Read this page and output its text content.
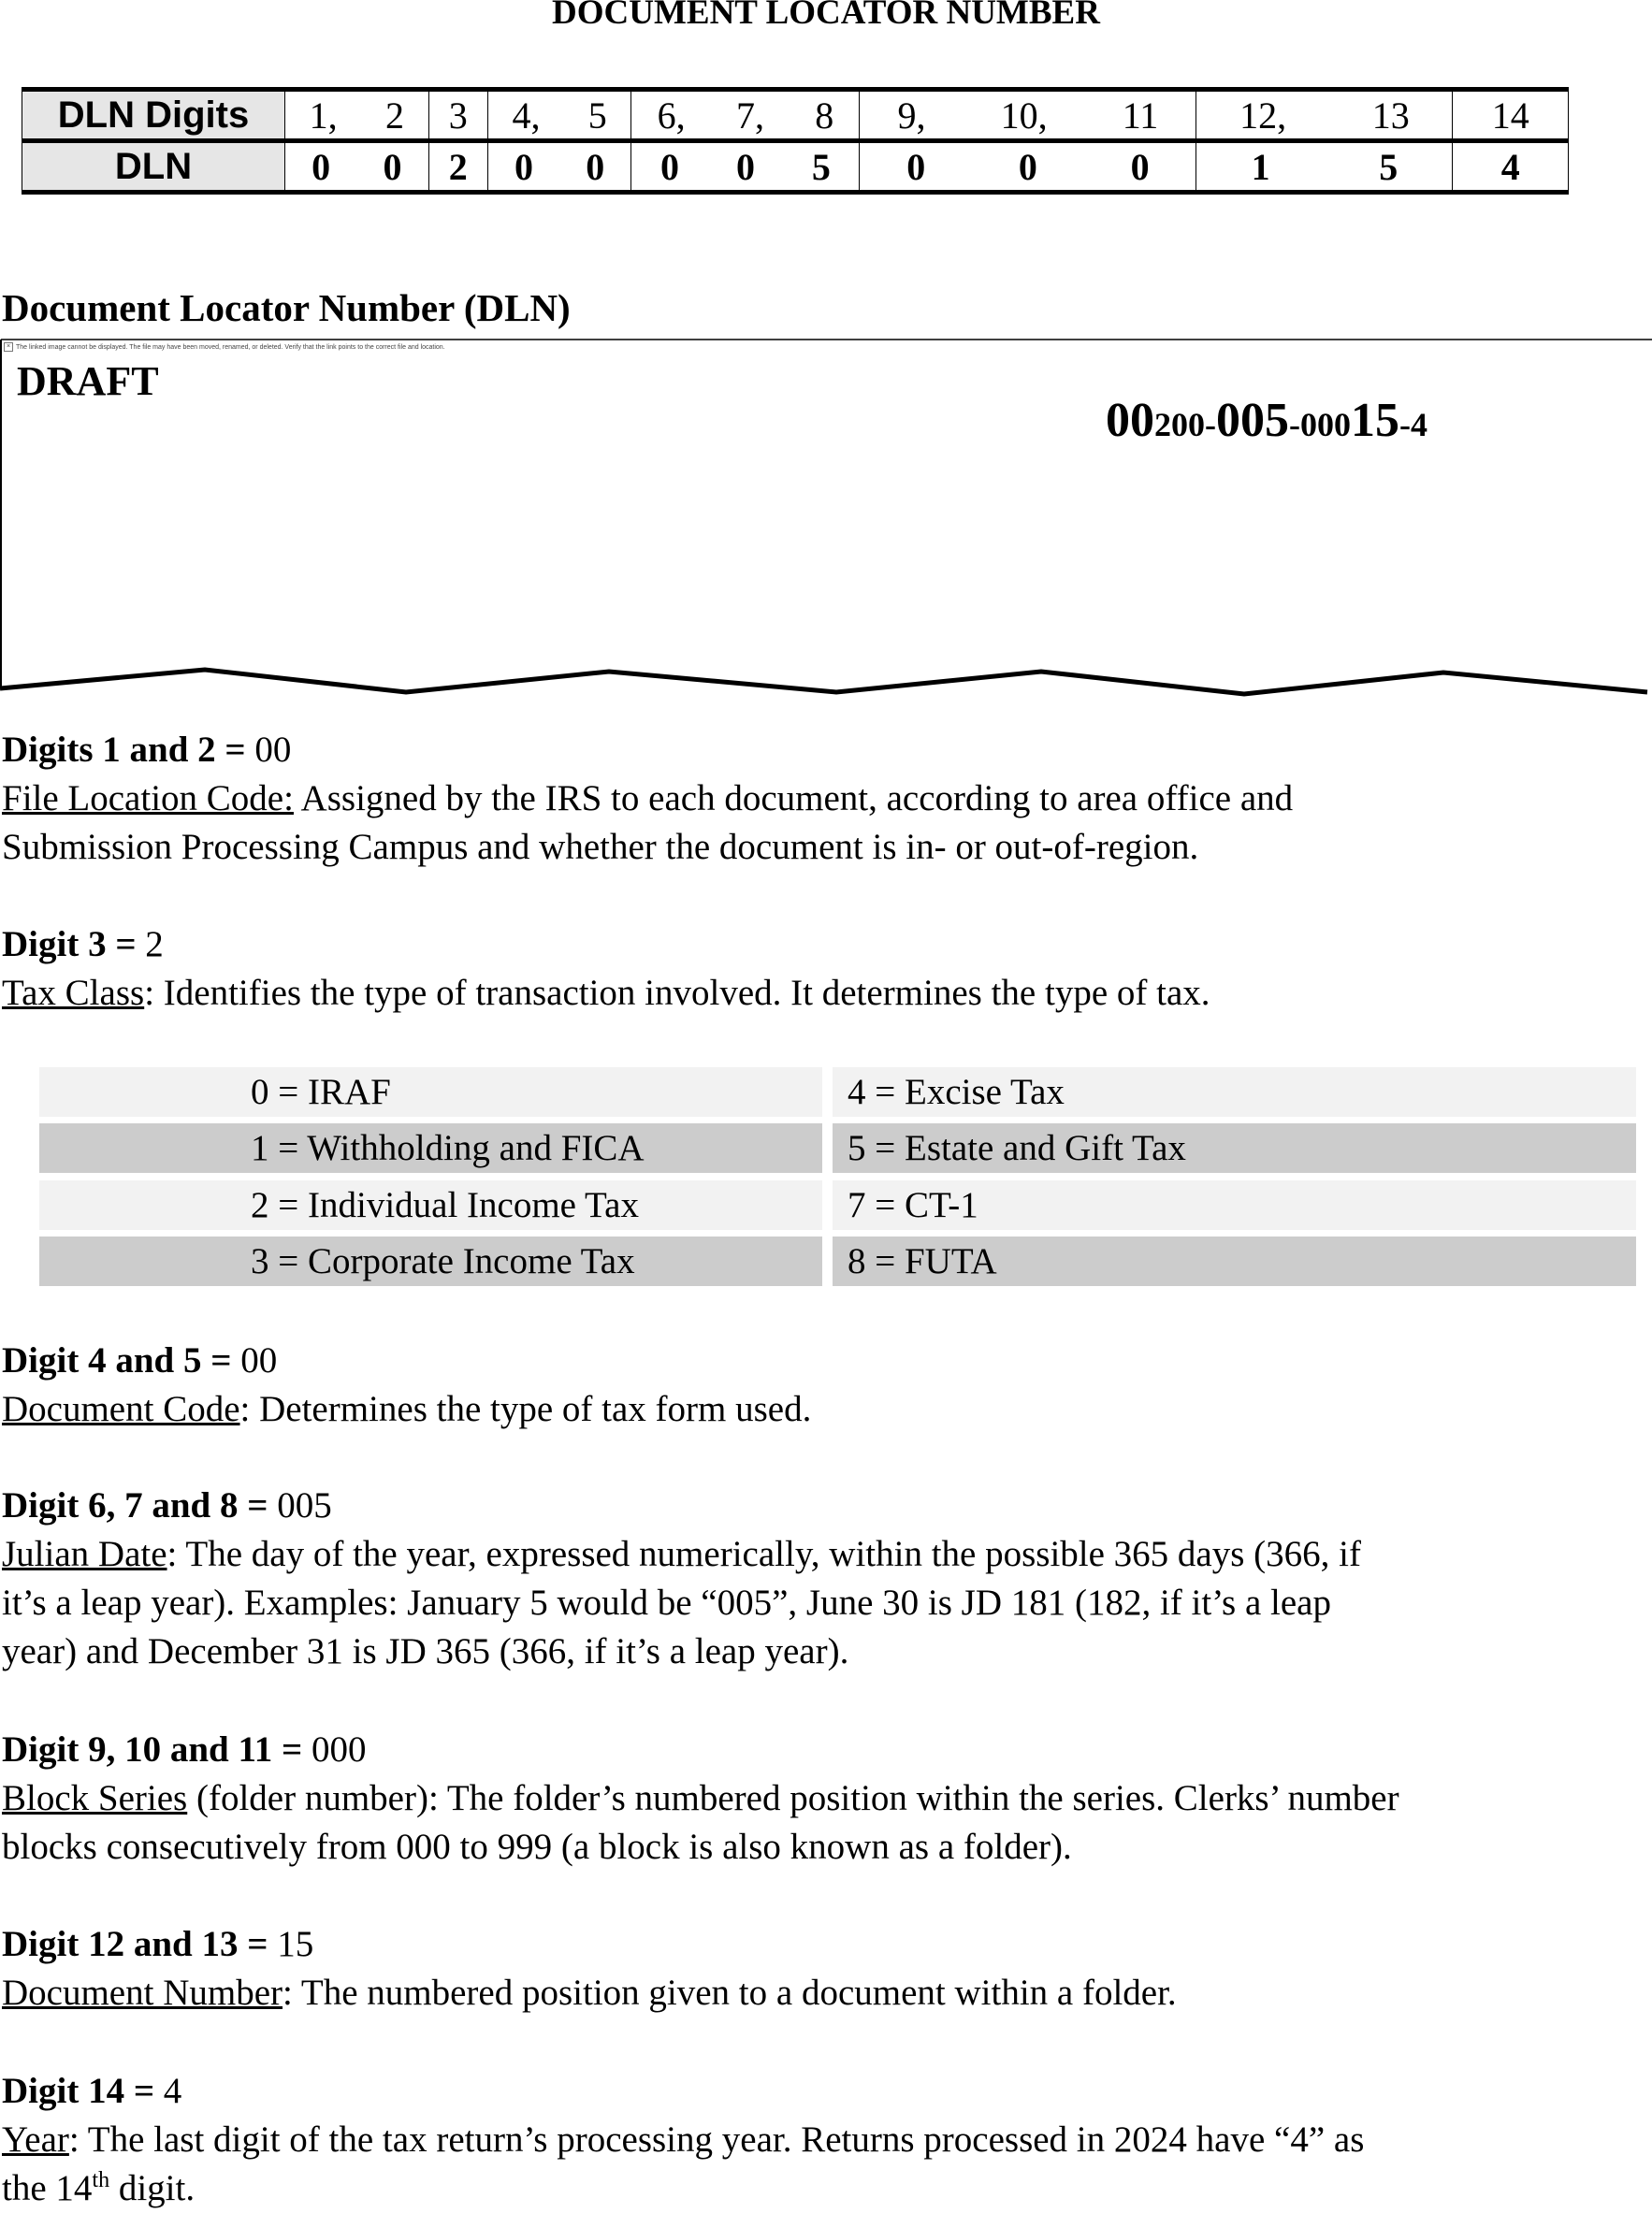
DOCUMENT LOCATOR NUMBER
DLN Digits	1, 2	3	4, 5	6, 7, 8	9, 10, 11	12, 13	14

DLN	0 0	2	0 0	0 0 5	0 0 0	1 5	4
Document Locator Number (DLN)
× The linked image cannot be displayed. The file may have been moved, renamed, or deleted. Verify that the link points to the correct file and location.
DRAFT
00200-005-00015-4
Digits 1 and 2 = 00
File Location Code: Assigned by the IRS to each document, according to area office and
Submission Processing Campus and whether the document is in- or out-of-region.
Digit 3 = 2
Tax Class: Identifies the type of transaction involved. It determines the type of tax.
Digit 4 and 5 = 00
Document Code: Determines the type of tax form used.
Digit 6, 7 and 8 = 005
Julian Date: The day of the year, expressed numerically, within the possible 365 days (366, if
it’s a leap year). Examples: January 5 would be “005”, June 30 is JD 181 (182, if it’s a leap
year) and December 31 is JD 365 (366, if it’s a leap year).
Digit 9, 10 and 11 = 000
Block Series (folder number): The folder’s numbered position within the series. Clerks’ number
blocks consecutively from 000 to 999 (a block is also known as a folder).
Digit 12 and 13 = 15
Document Number: The numbered position given to a document within a folder.
Digit 14 = 4
Year: The last digit of the tax return’s processing year. Returns processed in 2024 have “4” as
the 14th digit.
0 = IRAF	4 = Excise Tax
1 = Withholding and FICA	5 = Estate and Gift Tax
2 = Individual Income Tax	7 = CT-1
3 = Corporate Income Tax	8 = FUTA
